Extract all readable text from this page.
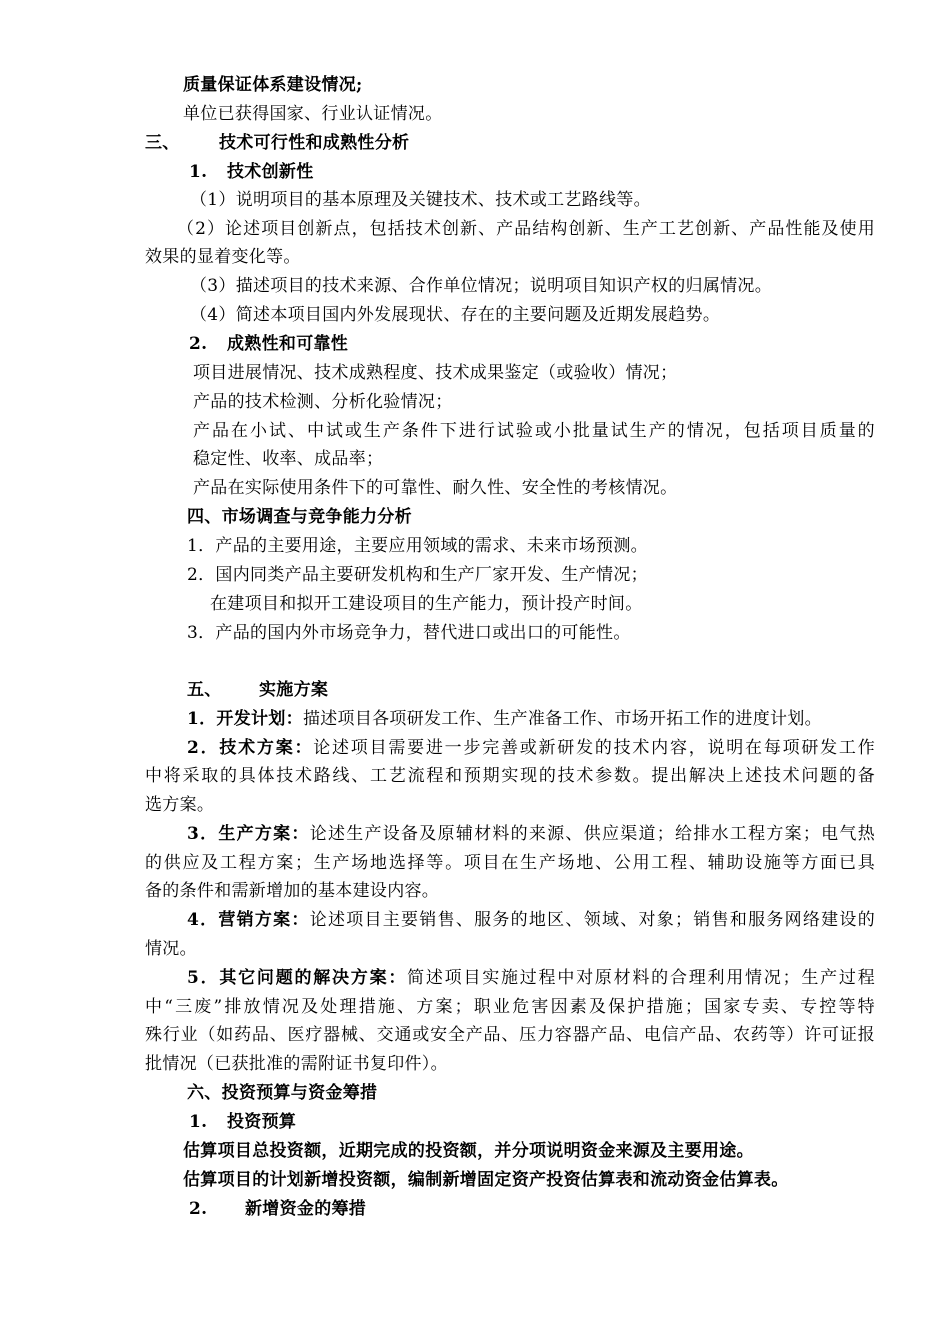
质量保证体系建设情况;
单位已获得国家、行业认证情况。
三、 技术可行性和成熟性分析
1. 技术创新性
（1）说明项目的基本原理及关键技术、技术或工艺路线等。
（2）论述项目创新点，包括技术创新、产品结构创新、生产工艺创新、产品性能及使用
效果的显着变化等。
（3）描述项目的技术来源、合作单位情况；说明项目知识产权的归属情况。
（4）简述本项目国内外发展现状、存在的主要问题及近期发展趋势。
2. 成熟性和可靠性
项目进展情况、技术成熟程度、技术成果鉴定（或验收）情况；
产品的技术检测、分析化验情况；
产品在小试、中试或生产条件下进行试验或小批量试生产的情况，包括项目质量的
稳定性、收率、成品率；
产品在实际使用条件下的可靠性、耐久性、安全性的考核情况。
四、市场调查与竞争能力分析
1．产品的主要用途，主要应用领域的需求、未来市场预测。
2．国内同类产品主要研发机构和生产厂家开发、生产情况；
在建项目和拟开工建设项目的生产能力，预计投产时间。
3．产品的国内外市场竞争力，替代进口或出口的可能性。
五、 实施方案
1．开发计划：描述项目各项研发工作、生产准备工作、市场开拓工作的进度计划。
2．技术方案：论述项目需要进一步完善或新研发的技术内容，说明在每项研发工作
中将采取的具体技术路线、工艺流程和预期实现的技术参数。提出解决上述技术问题的备
选方案。
3．生产方案：论述生产设备及原辅材料的来源、供应渠道；给排水工程方案；电气热
的供应及工程方案；生产场地选择等。项目在生产场地、公用工程、辅助设施等方面已具
备的条件和需新增加的基本建设内容。
4．营销方案：论述项目主要销售、服务的地区、领域、对象；销售和服务网络建设的
情况。
5．其它问题的解决方案：简述项目实施过程中对原材料的合理利用情况；生产过程
中“三废”排放情况及处理措施、方案；职业危害因素及保护措施；国家专卖、专控等特
殊行业（如药品、医疗器械、交通或安全产品、压力容器产品、电信产品、农药等）许可证报
批情况（已获批准的需附证书复印件）。
六、投资预算与资金筹措
1. 投资预算
估算项目总投资额，近期完成的投资额，并分项说明资金来源及主要用途。
估算项目的计划新增投资额，编制新增固定资产投资估算表和流动资金估算表。
2. 新增资金的筹措
